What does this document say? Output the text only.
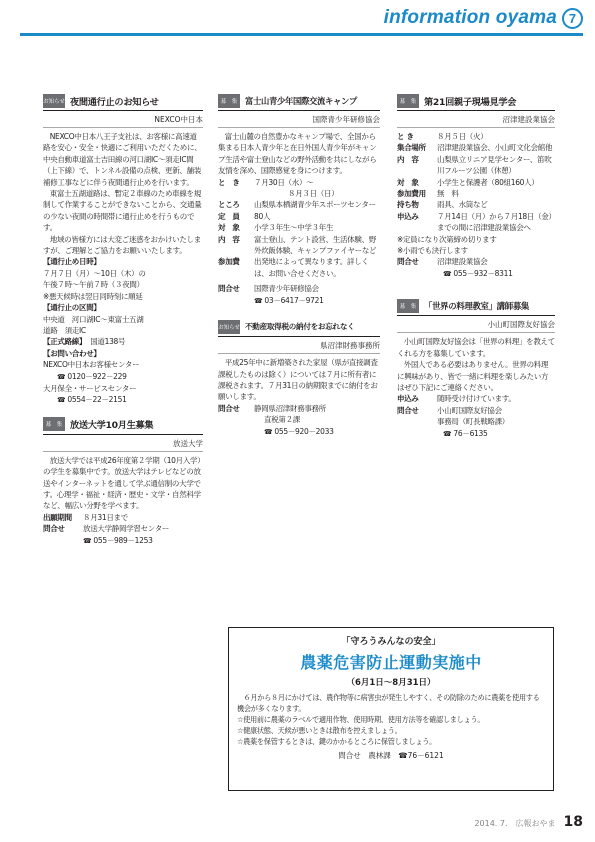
information oyama 7
お知らせ 夜間通行止のお知らせ
NEXCO中日本

NEXCO中日本八王子支社は、お客様に高速道路を安心・安全・快適にご利用いただくために、中央自動車道富士吉田線の河口湖IC～須走IC間（上下線）で、トンネル設備の点検、更新、舗装補修工事などに伴う夜間通行止めを行います。

東富士五湖道路は、暫定２車線のため車線を規制して作業することができないことから、交通量の少ない夜間の時間帯に通行止めを行うものです。

地域の皆様方には大変ご迷惑をおかけいたしますが、ご理解とご協力をお願いいたします。

【通行止め日時】

７月７日（月）～10日（木）の

午後７時～午前７時（３夜間）

※悪天候時は翌日同時刻に順延

【通行止の区間】

中央道　河口湖IC～東富士五湖

道路　須走IC

【正式路線】 国道138号

【お問い合わせ】

NEXCO中日本お客様センター

☎ 0120－922－229

大月保全・サービスセンター

☎ 0554－22－2151

募　集 放送大学10月生募集
放送大学

放送大学では平成26年度第２学期（10月入学）の学生を募集中です。放送大学はテレビなどの放送やインターネットを通して学ぶ通信制の大学です。心理学・福祉・経済・歴史・文学・自然科学など、幅広い分野を学べます。

出願期間	８月31日まで
問合せ	放送大学静岡学習センター

☎ 055－989－1253

募　集 富士山青少年国際交流キャンプ
国際青少年研修協会

富士山麓の自然豊かなキャンプ場で、全国から集まる日本人青少年と在日外国人青少年がキャンプ生活や富士登山などの野外活動を共にしながら友情を深め、国際感覚を身につけます。

と　き	７月30日（水）～

８月３日（日）

ところ	山梨県本栖湖青少年スポーツセンター
定　員	80人
対　象	小学３年生～中学３年生
内　容	富士登山、テント設営、生活体験、野外炊飯体験、キャンプファイヤーなど
参加費	出発地によって異なります。詳しくは、お問い合せください。
問合せ	国際青少年研修協会

☎ 03－6417－9721

お知らせ 不動産取得税の納付をお忘れなく
県沼津財務事務所

平成25年中に新増築された家屋（県が直接調査課税したものは除く）については７月に所有者に課税されます。７月31日の納期限までに納付をお願いします。

問合せ	静岡県沼津財務事務所

直税第２課

☎ 055－920－2033

募　集 第21回親子現場見学会
沼津建設業協会
と き	８月５日（火）
集合場所	沼津建設業協会、小山町文化会館他
内　容	山梨県立リニア見学センター、笛吹川フルーツ公園（休憩）
対　象	小学生と保護者（80組160人）
参加費用	無　料
持ち物	雨具、水筒など
申込み	７月14日（月）から７月18日（金）までの間に沼津建設業協会へ

※定員になり次第締め切ります

※小雨でも決行します

問合せ	沼津建設業協会

☎ 055－932－8311

募　集 「世界の料理教室」講師募集
小山町国際友好協会

小山町国際友好協会は「世界の料理」を教えてくれる方を募集しています。

外国人である必要はありません。世界の料理に興味があり、皆で一緒に料理を楽しみたい方はぜひ下記にご連絡ください。

申込み	随時受け付けています。
問合せ	小山町国際友好協会

事務局（町長戦略課）

☎ 76－6135

「守ろうみんなの安全」
農薬危害防止運動実施中
（6月1日～8月31日）

６月から８月にかけては、農作物等に病害虫が発生しやすく、その防除のために農薬を使用する機会が多くなります。

☆使用前に農薬のラベルで適用作物、使用時期、使用方法等を確認しましょう。

☆健康状態、天候が悪いときは散布を控えましょう。

☆農薬を保管するときは、鍵のかかるところに保管しましょう。

問合せ　農林課　☎76－6121
2014. 7.　広報おやま 18
